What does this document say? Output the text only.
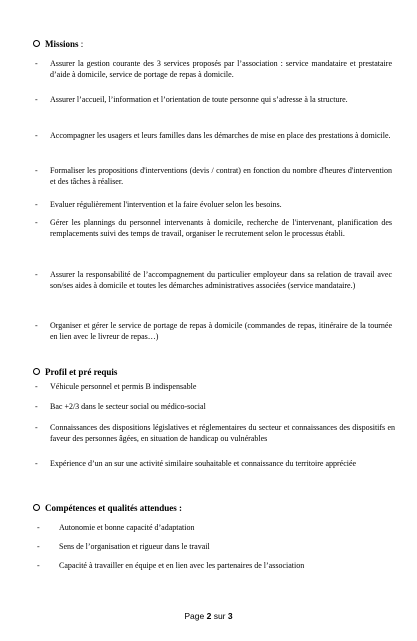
Missions :
- Assurer la gestion courante des 3 services proposés par l’association : service mandataire et prestataire d’aide à domicile, service de portage de repas à domicile.
- Assurer l’accueil, l’information et l’orientation de toute personne qui s’adresse à la structure.
- Accompagner les usagers et leurs familles dans les démarches de mise en place des prestations à domicile.
- Formaliser les propositions d'interventions (devis / contrat) en fonction du nombre d'heures d'intervention et des tâches à réaliser.
- Evaluer régulièrement l'intervention et la faire évoluer selon les besoins.
- Gérer les plannings du personnel intervenants à domicile, recherche de l'intervenant, planification des remplacements suivi des temps de travail, organiser le recrutement selon le processus établi.
- Assurer la responsabilité de l’accompagnement du particulier employeur dans sa relation de travail avec son/ses aides à domicile et toutes les démarches administratives associées (service mandataire.)
- Organiser et gérer le service de portage de repas à domicile (commandes de repas, itinéraire de la tournée en lien avec le livreur de repas…)
Profil et pré requis
- Véhicule personnel et permis B indispensable
- Bac +2/3 dans le secteur social ou médico-social
- Connaissances des dispositions législatives et réglementaires du secteur et connaissances des dispositifs en faveur des personnes âgées, en situation de handicap ou vulnérables
- Expérience d’un an sur une activité similaire souhaitable et connaissance du territoire appréciée
Compétences et qualités attendues :
- Autonomie et bonne capacité d’adaptation
- Sens de l’organisation et rigueur dans le travail
- Capacité à travailler en équipe et en lien avec les partenaires de l’association
Page 2 sur 3
